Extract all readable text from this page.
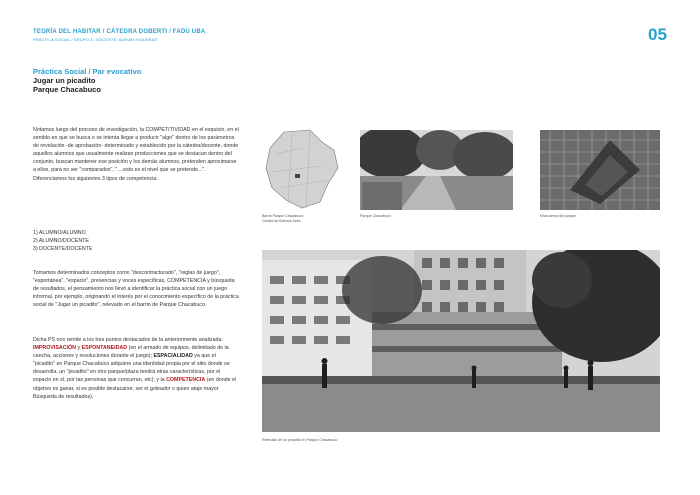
TEORÍA DEL HABITAR / CÁTEDRA DOBERTI / FADU UBA
PRÁCTICA SOCIAL / GRUPO 3 / DOCENTE: ADRIÁN HIGUERAS	05
Práctica Social / Par evocativo
Jugar un picadito
Parque Chacabuco

Notamos luego del proceso de investigación, la COMPETITIVIDAD en el esquicio, en el sentido en que se busca o se intenta llegar a producir "algo" dentro de los parámetros de revelación -de aprobación- determinado y establecido por la cátedra/docente, donde aquellos alumnos que usualmente realizan producciones que se destacan dentro del conjunto, buscan mantener ese posición y los demás alumnos, pretenden aproximarse a ellos, para no ser "comparados", "....esto es el nivel que se pretende...". Diferenciamos los siguientes 3 tipos de competencia:

1) ALUMNO/ALUMNO

2) ALUMNO/DOCENTE

3) DOCENTE/DOCENTE

Tomamos determinados conceptos como "descontracturado", "reglas de juego", "esportánea", "espacio", presencias y voces específicas, COMPETENCIA y búsqueda de resultados, el pensamiento nos llevó a identificar la práctica social con un juego informal, por ejemplo, originando el interés por el conocimiento específico de la práctica social de "Jugar un picadito", relevado en el barrio de Parque Chacabuco.

Dicha PS nos remite a los tres puntos destacados de la anteriormente analizada: IMPROVISACIÓN y ESPONTANEIDAD (en el armado de equipos, delimitado de la cancha, acciones y resoluciones durante el juego); ESPACIALIDAD ya que el "picadito" en Parque Chacabuco adquiere una identidad propia por el sitio donde se desarrolla, un "picadito" en otro parque/plaza tendrá otras características, por el espacio en sí, por las personas que concurran, etc); y la COMPETENCIA (en donde el objetivo es ganar, si es posible destacarse, ser el goleador o quien ataje mayor Búsqueda de resultados).

Barrio Parque Chacabuco
Ciudad de Buenos Aires
Parque Chacabuco	Vista aérea del parque
Relevado de un picadito en Parque Chacabuco
